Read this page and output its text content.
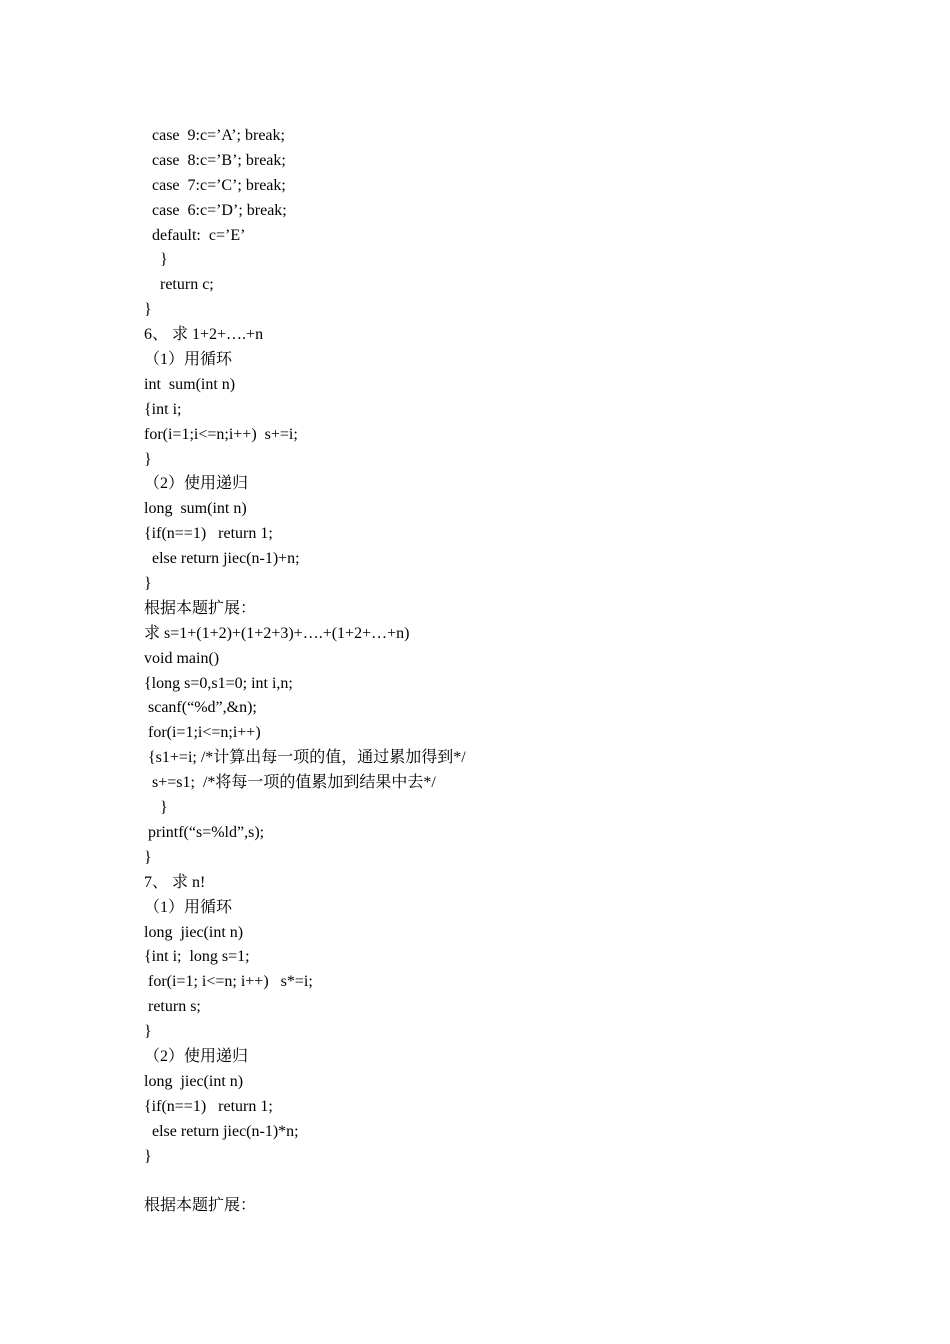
case  9:c=’A’; break;
case  8:c=’B’; break;
case  7:c=’C’; break;
case  6:c=’D’; break;
default:  c=’E’
}
return c;
}
6、 求 1+2+….+n
（1）用循环
int  sum(int n)
{int i;
for(i=1;i<=n;i++)  s+=i;
}
（2）使用递归
long  sum(int n)
{if(n==1)   return 1;
else return jiec(n-1)+n;
}
根据本题扩展：
求 s=1+(1+2)+(1+2+3)+….+(1+2+…+n)
void main()
{long s=0,s1=0; int i,n;
scanf(“%d”,&n);
for(i=1;i<=n;i++)
{s1+=i; /*计算出每一项的值，通过累加得到*/
s+=s1;  /*将每一项的值累加到结果中去*/
}
printf(“s=%ld”,s);
}
7、 求 n!
（1）用循环
long  jiec(int n)
{int i;  long s=1;
for(i=1; i<=n; i++)   s*=i;
return s;
}
（2）使用递归
long  jiec(int n)
{if(n==1)   return 1;
else return jiec(n-1)*n;
}
根据本题扩展：
